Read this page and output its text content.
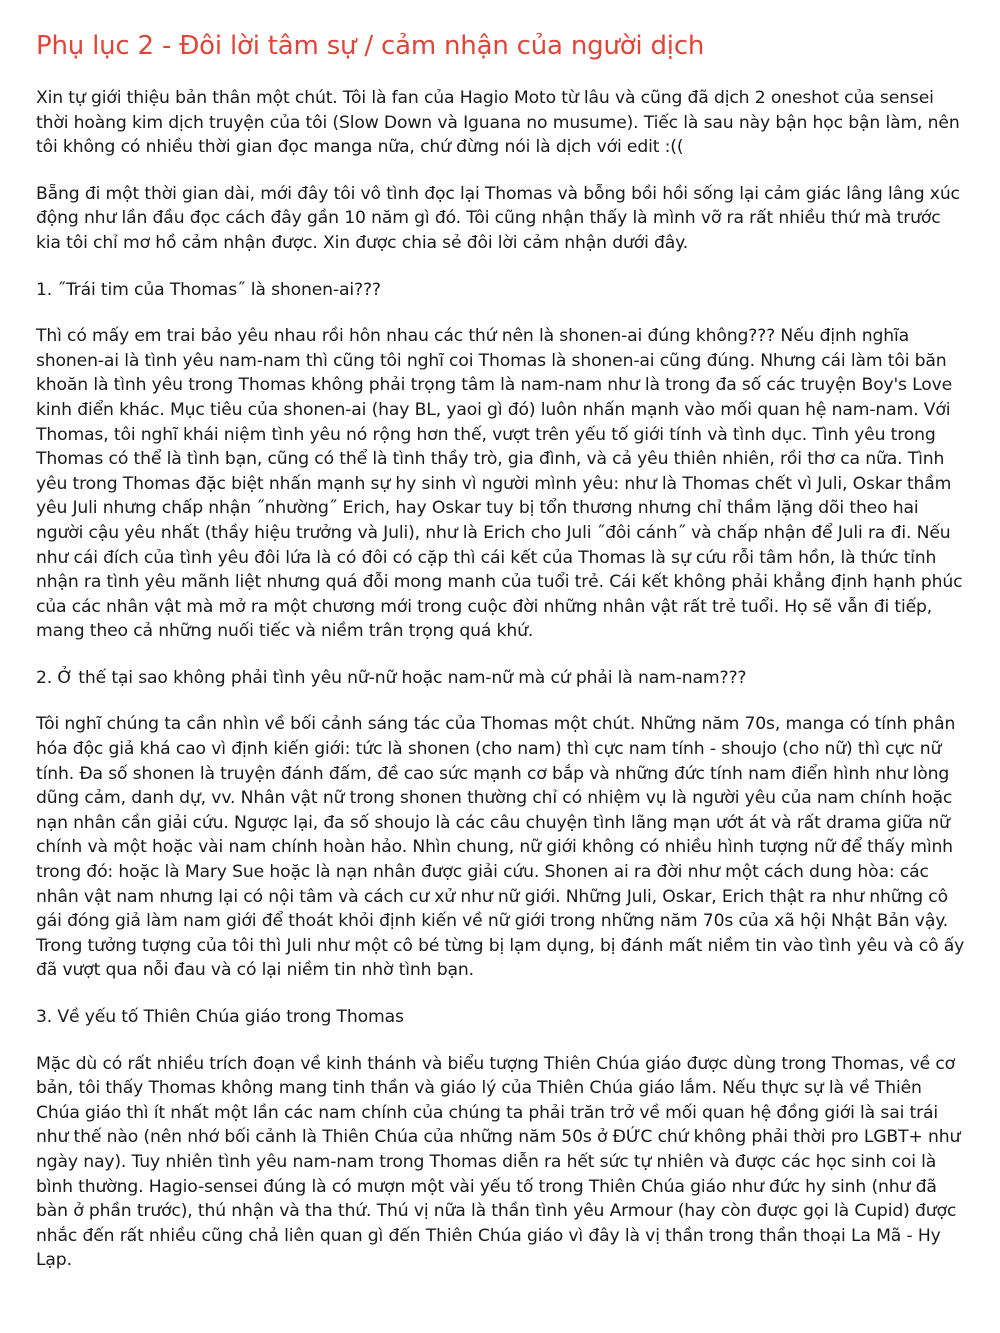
Phụ lục 2 - Đôi lời tâm sự / cảm nhận của người dịch

Xin tự giới thiệu bản thân một chút. Tôi là fan của Hagio Moto từ lâu và cũng đã dịch 2 oneshot của sensei thời hoàng kim dịch truyện của tôi (Slow Down và Iguana no musume). Tiếc là sau này bận học bận làm, nên tôi không có nhiều thời gian đọc manga nữa, chứ đừng nói là dịch với edit :((

Bẵng đi một thời gian dài, mới đây tôi vô tình đọc lại Thomas và bỗng bồi hồi sống lại cảm giác lâng lâng xúc động như lần đầu đọc cách đây gần 10 năm gì đó. Tôi cũng nhận thấy là mình vỡ ra rất nhiều thứ mà trước kia tôi chỉ mơ hồ cảm nhận được. Xin được chia sẻ đôi lời cảm nhận dưới đây.

1. ˝Trái tim của Thomas˝ là shonen-ai???

Thì có mấy em trai bảo yêu nhau rồi hôn nhau các thứ nên là shonen-ai đúng không??? Nếu định nghĩa shonen-ai là tình yêu nam-nam thì cũng tôi nghĩ coi Thomas là shonen-ai cũng đúng. Nhưng cái làm tôi băn khoăn là tình yêu trong Thomas không phải trọng tâm là nam-nam như là trong đa số các truyện Boy's Love kinh điển khác. Mục tiêu của shonen-ai (hay BL, yaoi gì đó) luôn nhấn mạnh vào mối quan hệ nam-nam. Với Thomas, tôi nghĩ khái niệm tình yêu nó rộng hơn thế, vượt trên yếu tố giới tính và tình dục. Tình yêu trong Thomas có thể là tình bạn, cũng có thể là tình thầy trò, gia đình, và cả yêu thiên nhiên, rồi thơ ca nữa. Tình yêu trong Thomas đặc biệt nhấn mạnh sự hy sinh vì người mình yêu: như là Thomas chết vì Juli, Oskar thầm yêu Juli nhưng chấp nhận ˝nhường˝ Erich, hay Oskar tuy bị tổn thương nhưng chỉ thầm lặng dõi theo hai người cậu yêu nhất (thầy hiệu trưởng và Juli), như là Erich cho Juli ˝đôi cánh˝ và chấp nhận để Juli ra đi. Nếu như cái đích của tình yêu đôi lứa là có đôi có cặp thì cái kết của Thomas là sự cứu rỗi tâm hồn, là thức tỉnh nhận ra tình yêu mãnh liệt nhưng quá đỗi mong manh của tuổi trẻ. Cái kết không phải khẳng định hạnh phúc của các nhân vật mà mở ra một chương mới trong cuộc đời những nhân vật rất trẻ tuổi. Họ sẽ vẫn đi tiếp, mang theo cả những nuối tiếc và niềm trân trọng quá khứ.

2. Ở thế tại sao không phải tình yêu nữ-nữ hoặc nam-nữ mà cứ phải là nam-nam???

Tôi nghĩ chúng ta cần nhìn về bối cảnh sáng tác của Thomas một chút. Những năm 70s, manga có tính phân hóa độc giả khá cao vì định kiến giới: tức là shonen (cho nam) thì cực nam tính - shoujo (cho nữ) thì cực nữ tính. Đa số shonen là truyện đánh đấm, đề cao sức mạnh cơ bắp và những đức tính nam điển hình như lòng dũng cảm, danh dự, vv. Nhân vật nữ trong shonen thường chỉ có nhiệm vụ là người yêu của nam chính hoặc nạn nhân cần giải cứu. Ngược lại, đa số shoujo là các câu chuyện tình lãng mạn ướt át và rất drama giữa nữ chính và một hoặc vài nam chính hoàn hảo. Nhìn chung, nữ giới không có nhiều hình tượng nữ để thấy mình trong đó: hoặc là Mary Sue hoặc là nạn nhân được giải cứu. Shonen ai ra đời như một cách dung hòa: các nhân vật nam nhưng lại có nội tâm và cách cư xử như nữ giới. Những Juli, Oskar, Erich thật ra như những cô gái đóng giả làm nam giới để thoát khỏi định kiến về nữ giới trong những năm 70s của xã hội Nhật Bản vậy. Trong tưởng tượng của tôi thì Juli như một cô bé từng bị lạm dụng, bị đánh mất niềm tin vào tình yêu và cô ấy đã vượt qua nỗi đau và có lại niềm tin nhờ tình bạn.

3. Về yếu tố Thiên Chúa giáo trong Thomas

Mặc dù có rất nhiều trích đoạn về kinh thánh và biểu tượng Thiên Chúa giáo được dùng trong Thomas, về cơ bản, tôi thấy Thomas không mang tinh thần và giáo lý của Thiên Chúa giáo lắm. Nếu thực sự là về Thiên Chúa giáo thì ít nhất một lần các nam chính của chúng ta phải trăn trở về mối quan hệ đồng giới là sai trái như thế nào (nên nhớ bối cảnh là Thiên Chúa của những năm 50s ở ĐỨC chứ không phải thời pro LGBT+ như ngày nay). Tuy nhiên tình yêu nam-nam trong Thomas diễn ra hết sức tự nhiên và được các học sinh coi là bình thường. Hagio-sensei đúng là có mượn một vài yếu tố trong Thiên Chúa giáo như đức hy sinh (như đã bàn ở phần trước), thú nhận và tha thứ. Thú vị nữa là thần tình yêu Armour (hay còn được gọi là Cupid) được nhắc đến rất nhiều cũng chả liên quan gì đến Thiên Chúa giáo vì đây là vị thần trong thần thoại La Mã - Hy Lạp.
